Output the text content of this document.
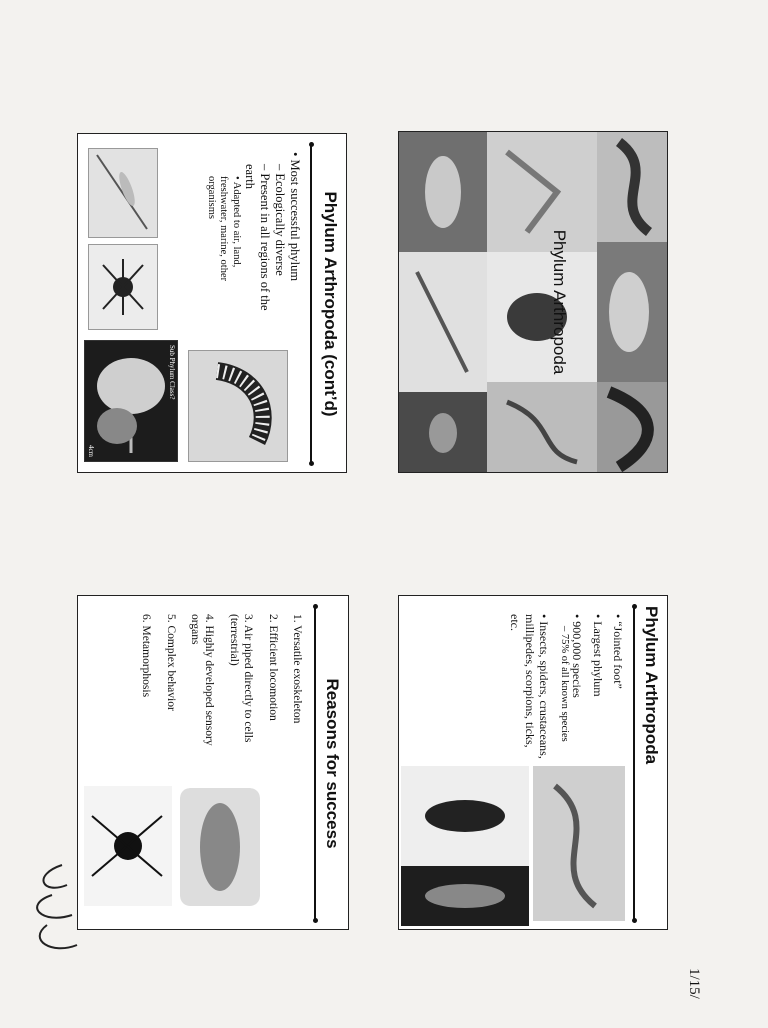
Phylum Arthropoda (cont’d)
• Most successful phylum
– Ecologically diverse
– Present in all regions of the earth
• Adapted to air, land, freshwater, marine, other organisms
Sub Phylum Class?
4cm
Phylum Arthropoda
Reasons for success
1. Versatile exoskeleton
2. Efficient locomotion
3. Air piped directly to cells (terrestrial)
4. Highly developed sensory organs
5. Complex behavior
6. Metamorphosis	Phylum Arthropoda
• “Jointed foot”
• Largest phylum
• 900,000 species
– 75% of all known species
• Insects, spiders, crustaceans, millipedes, scorpions, ticks, etc.
1/15/
